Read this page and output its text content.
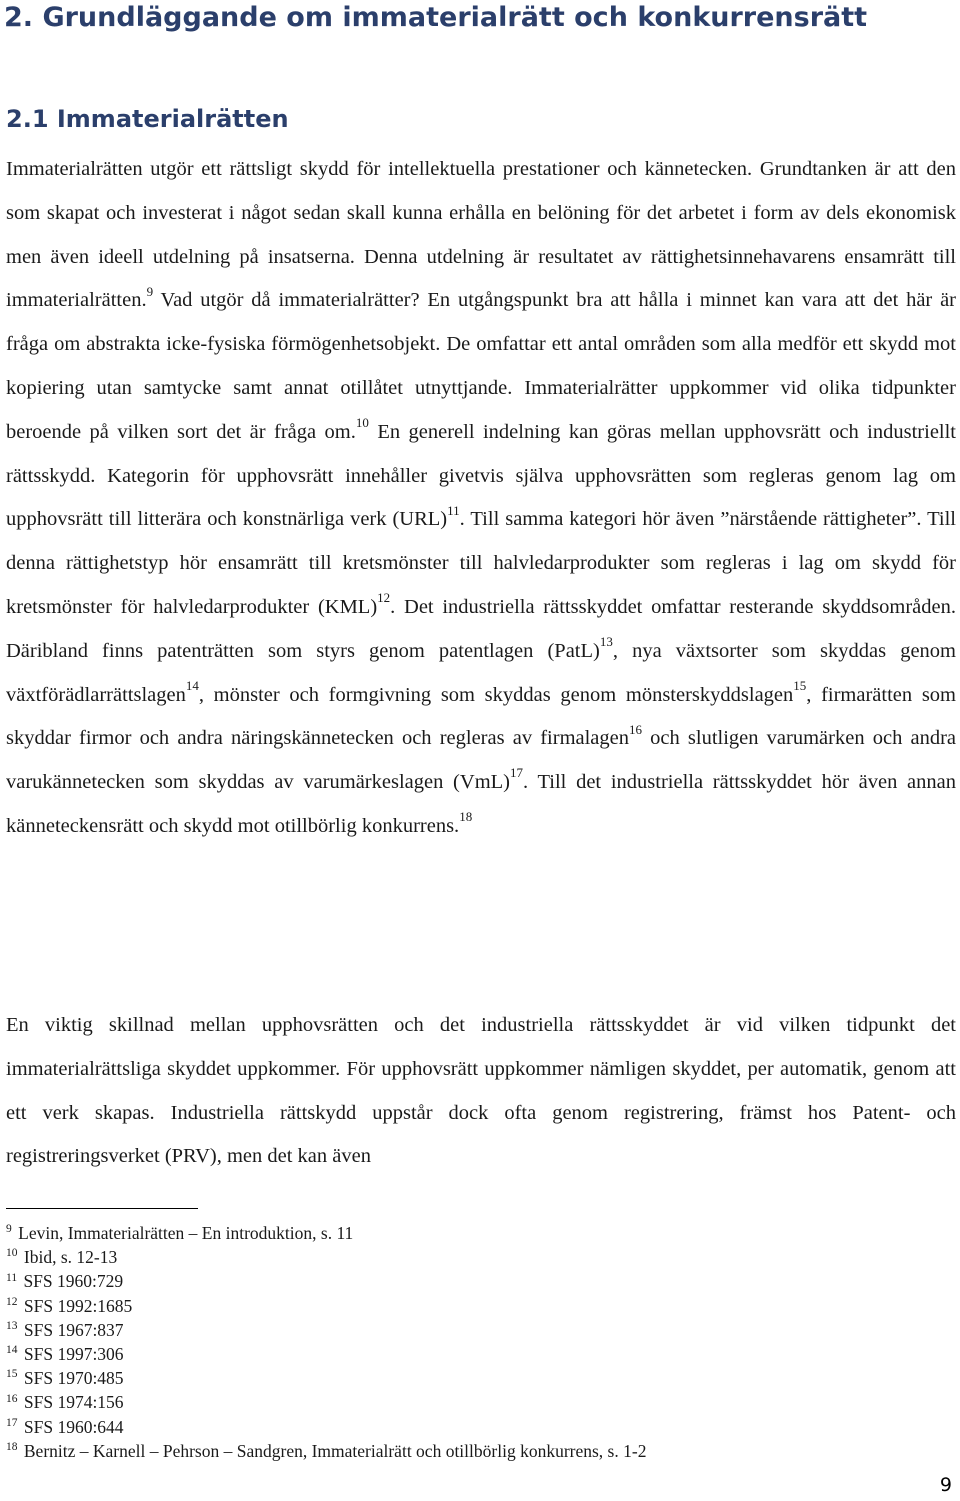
2. Grundläggande om immaterialrätt och konkurrensrätt
2.1 Immaterialrätten

Immaterialrätten utgör ett rättsligt skydd för intellektuella prestationer och kännetecken. Grundtanken är att den som skapat och investerat i något sedan skall kunna erhålla en belöning för det arbetet i form av dels ekonomisk men även ideell utdelning på insatserna. Denna utdelning är resultatet av rättighetsinnehavarens ensamrätt till immaterialrätten.$^9$ Vad utgör då immaterialrätter? En utgångspunkt bra att hålla i minnet kan vara att det här är fråga om abstrakta icke-fysiska förmögenhetsobjekt. De omfattar ett antal områden som alla medför ett skydd mot kopiering utan samtycke samt annat otillåtet utnyttjande. Immaterialrätter uppkommer vid olika tidpunkter beroende på vilken sort det är fråga om.$^{10}$ En generell indelning kan göras mellan upphovsrätt och industriellt rättsskydd. Kategorin för upphovsrätt innehåller givetvis själva upphovsrätten som regleras genom lag om upphovsrätt till litterära och konstnärliga verk (URL)$^{11}$. Till samma kategori hör även ”närstående rättigheter”. Till denna rättighetstyp hör ensamrätt till kretsmönster till halvledarprodukter som regleras i lag om skydd för kretsmönster för halvledarprodukter (KML)$^{12}$. Det industriella rättsskyddet omfattar resterande skyddsområden. Däribland finns patenträtten som styrs genom patentlagen (PatL)$^{13}$, nya växtsorter som skyddas genom växtförädlarrättslagen$^{14}$, mönster och formgivning som skyddas genom mönsterskyddslagen$^{15}$, firmarätten som skyddar firmor och andra näringskännetecken och regleras av firmalagen$^{16}$ och slutligen varumärken och andra varukännetecken som skyddas av varumärkeslagen (VmL)$^{17}$. Till det industriella rättsskyddet hör även annan känneteckensrätt och skydd mot otillbörlig konkurrens.$^{18}$

En viktig skillnad mellan upphovsrätten och det industriella rättsskyddet är vid vilken tidpunkt det immaterialrättsliga skyddet uppkommer. För upphovsrätt uppkommer nämligen skyddet, per automatik, genom att ett verk skapas. Industriella rättskydd uppstår dock ofta genom registrering, främst hos Patent- och registreringsverket (PRV), men det kan även

$^9$ Levin, Immaterialrätten – En introduktion, s. 11
$^{10}$ Ibid, s. 12-13
$^{11}$ SFS 1960:729
$^{12}$ SFS 1992:1685
$^{13}$ SFS 1967:837
$^{14}$ SFS 1997:306
$^{15}$ SFS 1970:485
$^{16}$ SFS 1974:156
$^{17}$ SFS 1960:644
$^{18}$ Bernitz – Karnell – Pehrson – Sandgren, Immaterialrätt och otillbörlig konkurrens, s. 1-2
9
